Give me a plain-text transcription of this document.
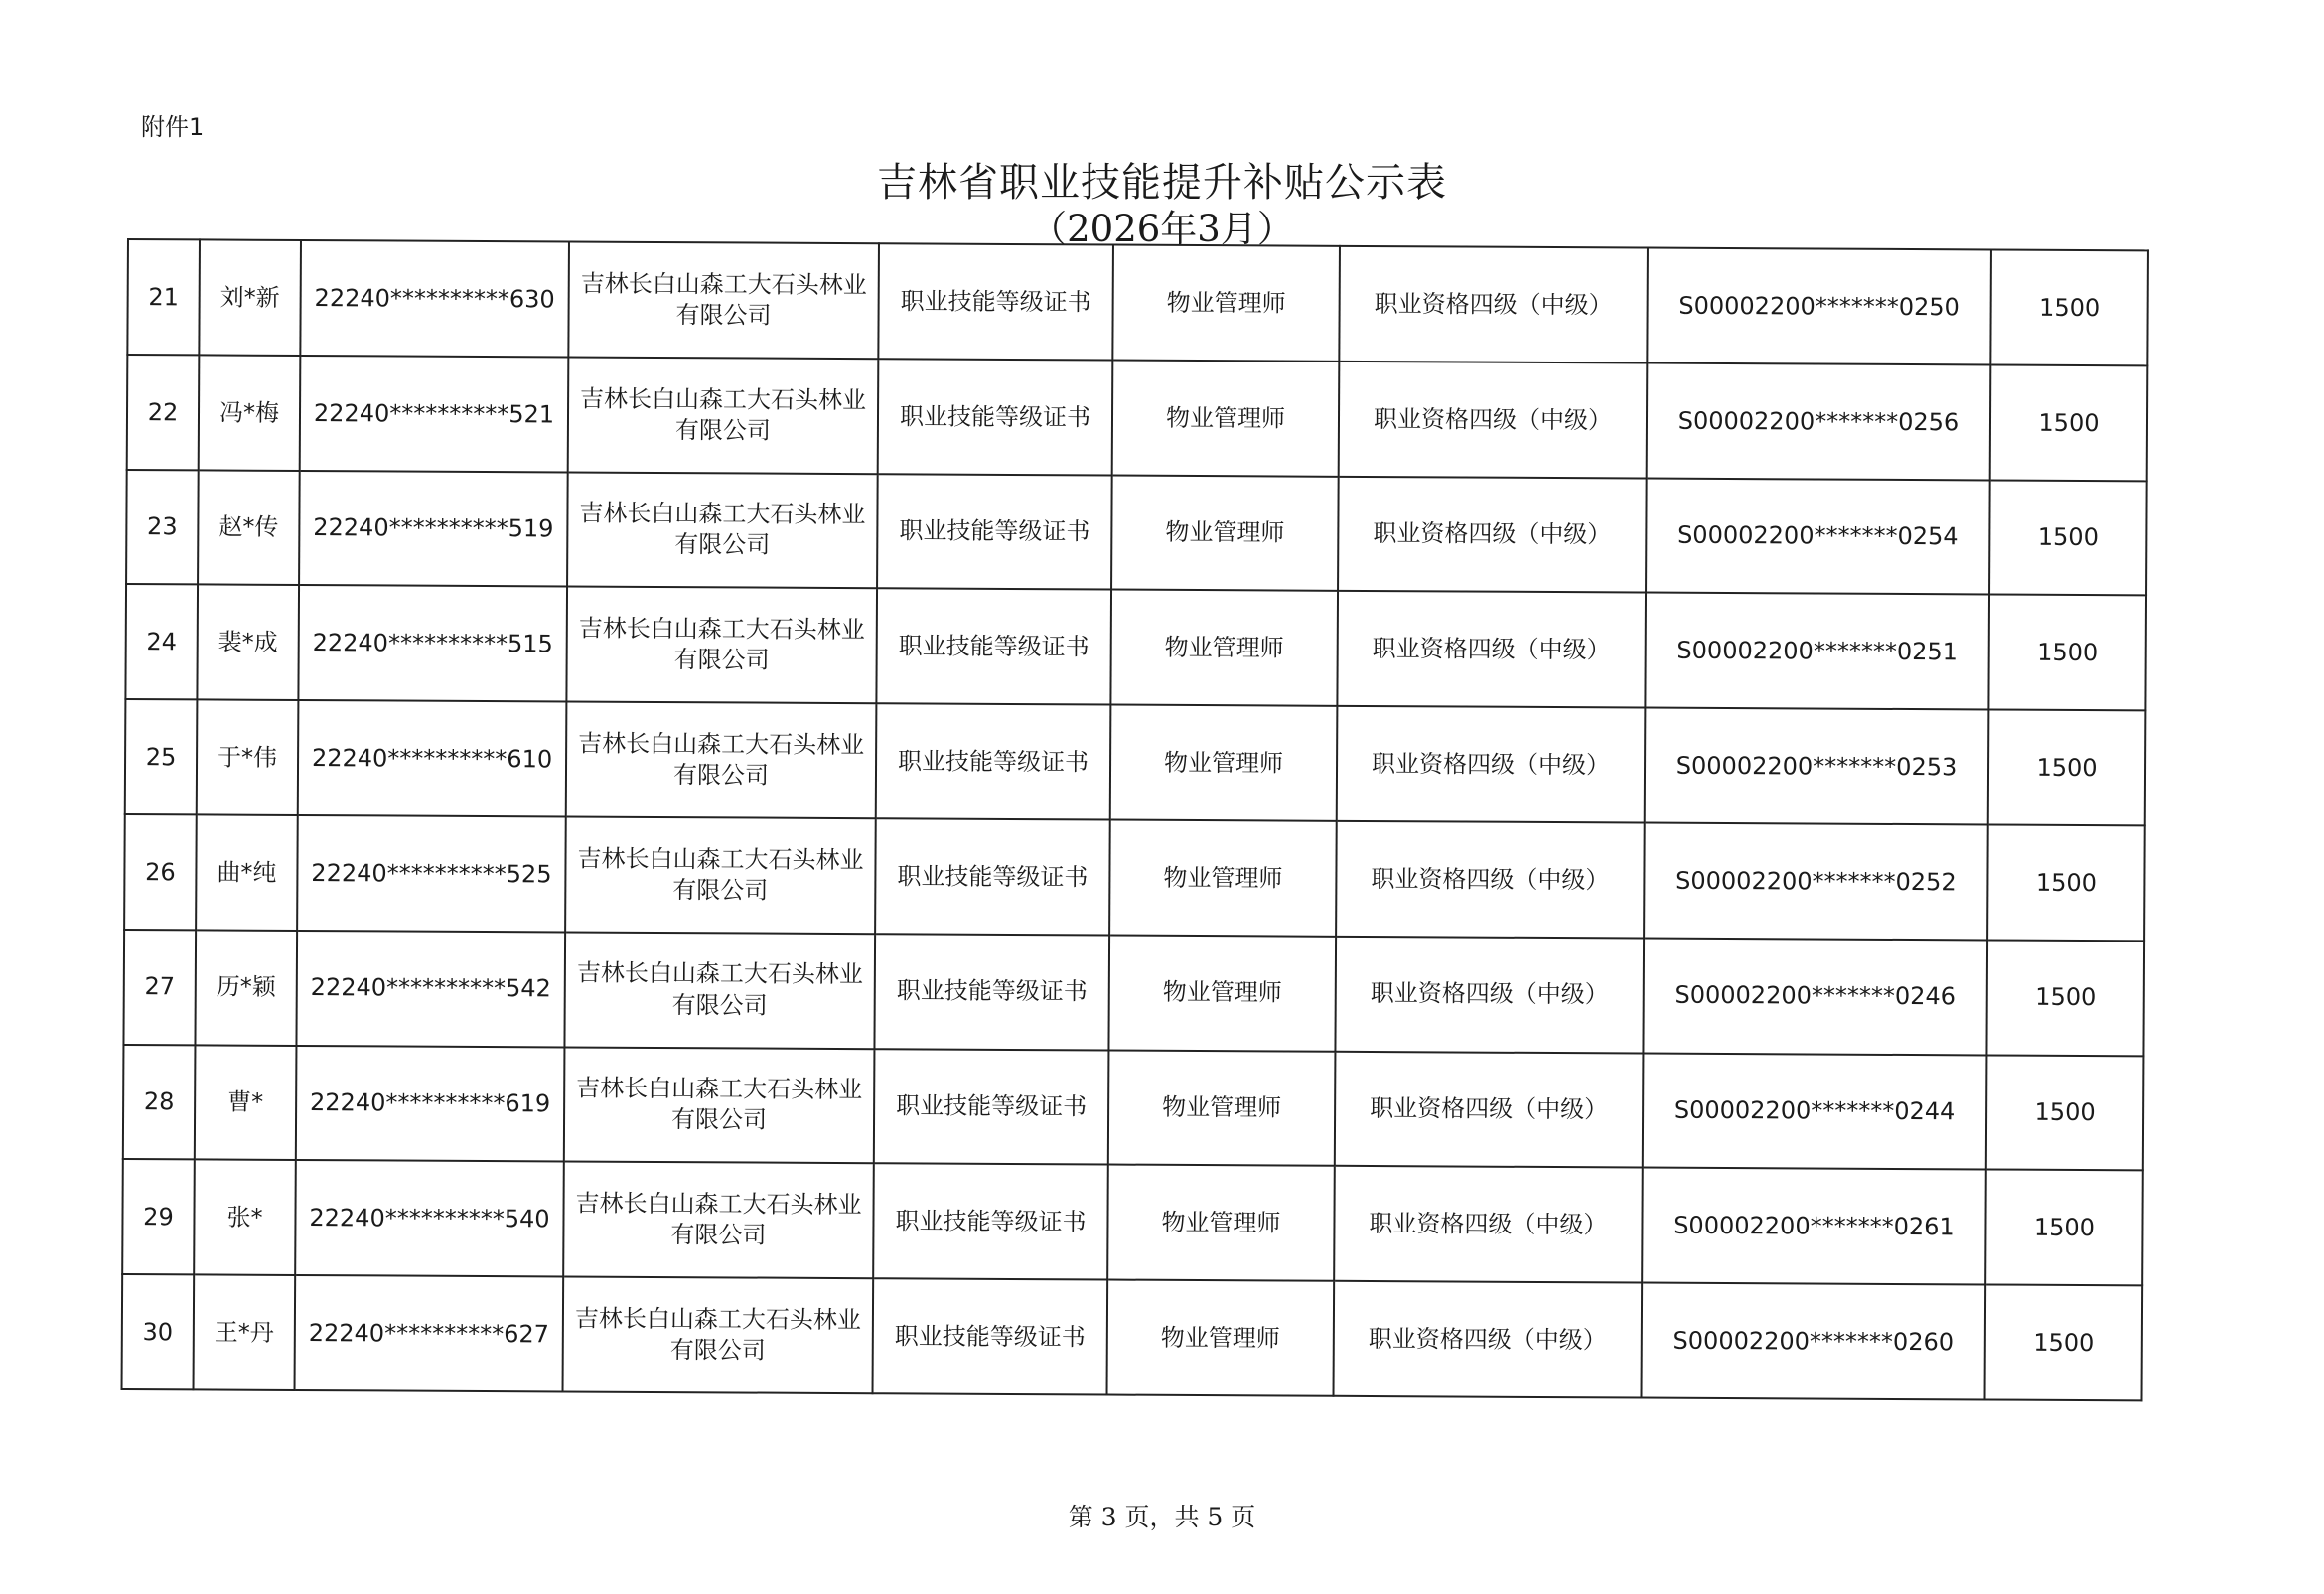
附件1
吉林省职业技能提升补贴公示表
（2026年3月）
21	刘*新	22240**********630	吉林长白山森工大石头林业有限公司	职业技能等级证书	物业管理师	职业资格四级（中级）	S00002200*******0250	1500
22	冯*梅	22240**********521	吉林长白山森工大石头林业有限公司	职业技能等级证书	物业管理师	职业资格四级（中级）	S00002200*******0256	1500
23	赵*传	22240**********519	吉林长白山森工大石头林业有限公司	职业技能等级证书	物业管理师	职业资格四级（中级）	S00002200*******0254	1500
24	裴*成	22240**********515	吉林长白山森工大石头林业有限公司	职业技能等级证书	物业管理师	职业资格四级（中级）	S00002200*******0251	1500
25	于*伟	22240**********610	吉林长白山森工大石头林业有限公司	职业技能等级证书	物业管理师	职业资格四级（中级）	S00002200*******0253	1500
26	曲*纯	22240**********525	吉林长白山森工大石头林业有限公司	职业技能等级证书	物业管理师	职业资格四级（中级）	S00002200*******0252	1500
27	历*颖	22240**********542	吉林长白山森工大石头林业有限公司	职业技能等级证书	物业管理师	职业资格四级（中级）	S00002200*******0246	1500
28	曹*	22240**********619	吉林长白山森工大石头林业有限公司	职业技能等级证书	物业管理师	职业资格四级（中级）	S00002200*******0244	1500
29	张*	22240**********540	吉林长白山森工大石头林业有限公司	职业技能等级证书	物业管理师	职业资格四级（中级）	S00002200*******0261	1500
30	王*丹	22240**********627	吉林长白山森工大石头林业有限公司	职业技能等级证书	物业管理师	职业资格四级（中级）	S00002200*******0260	1500
第 3 页，共 5 页
